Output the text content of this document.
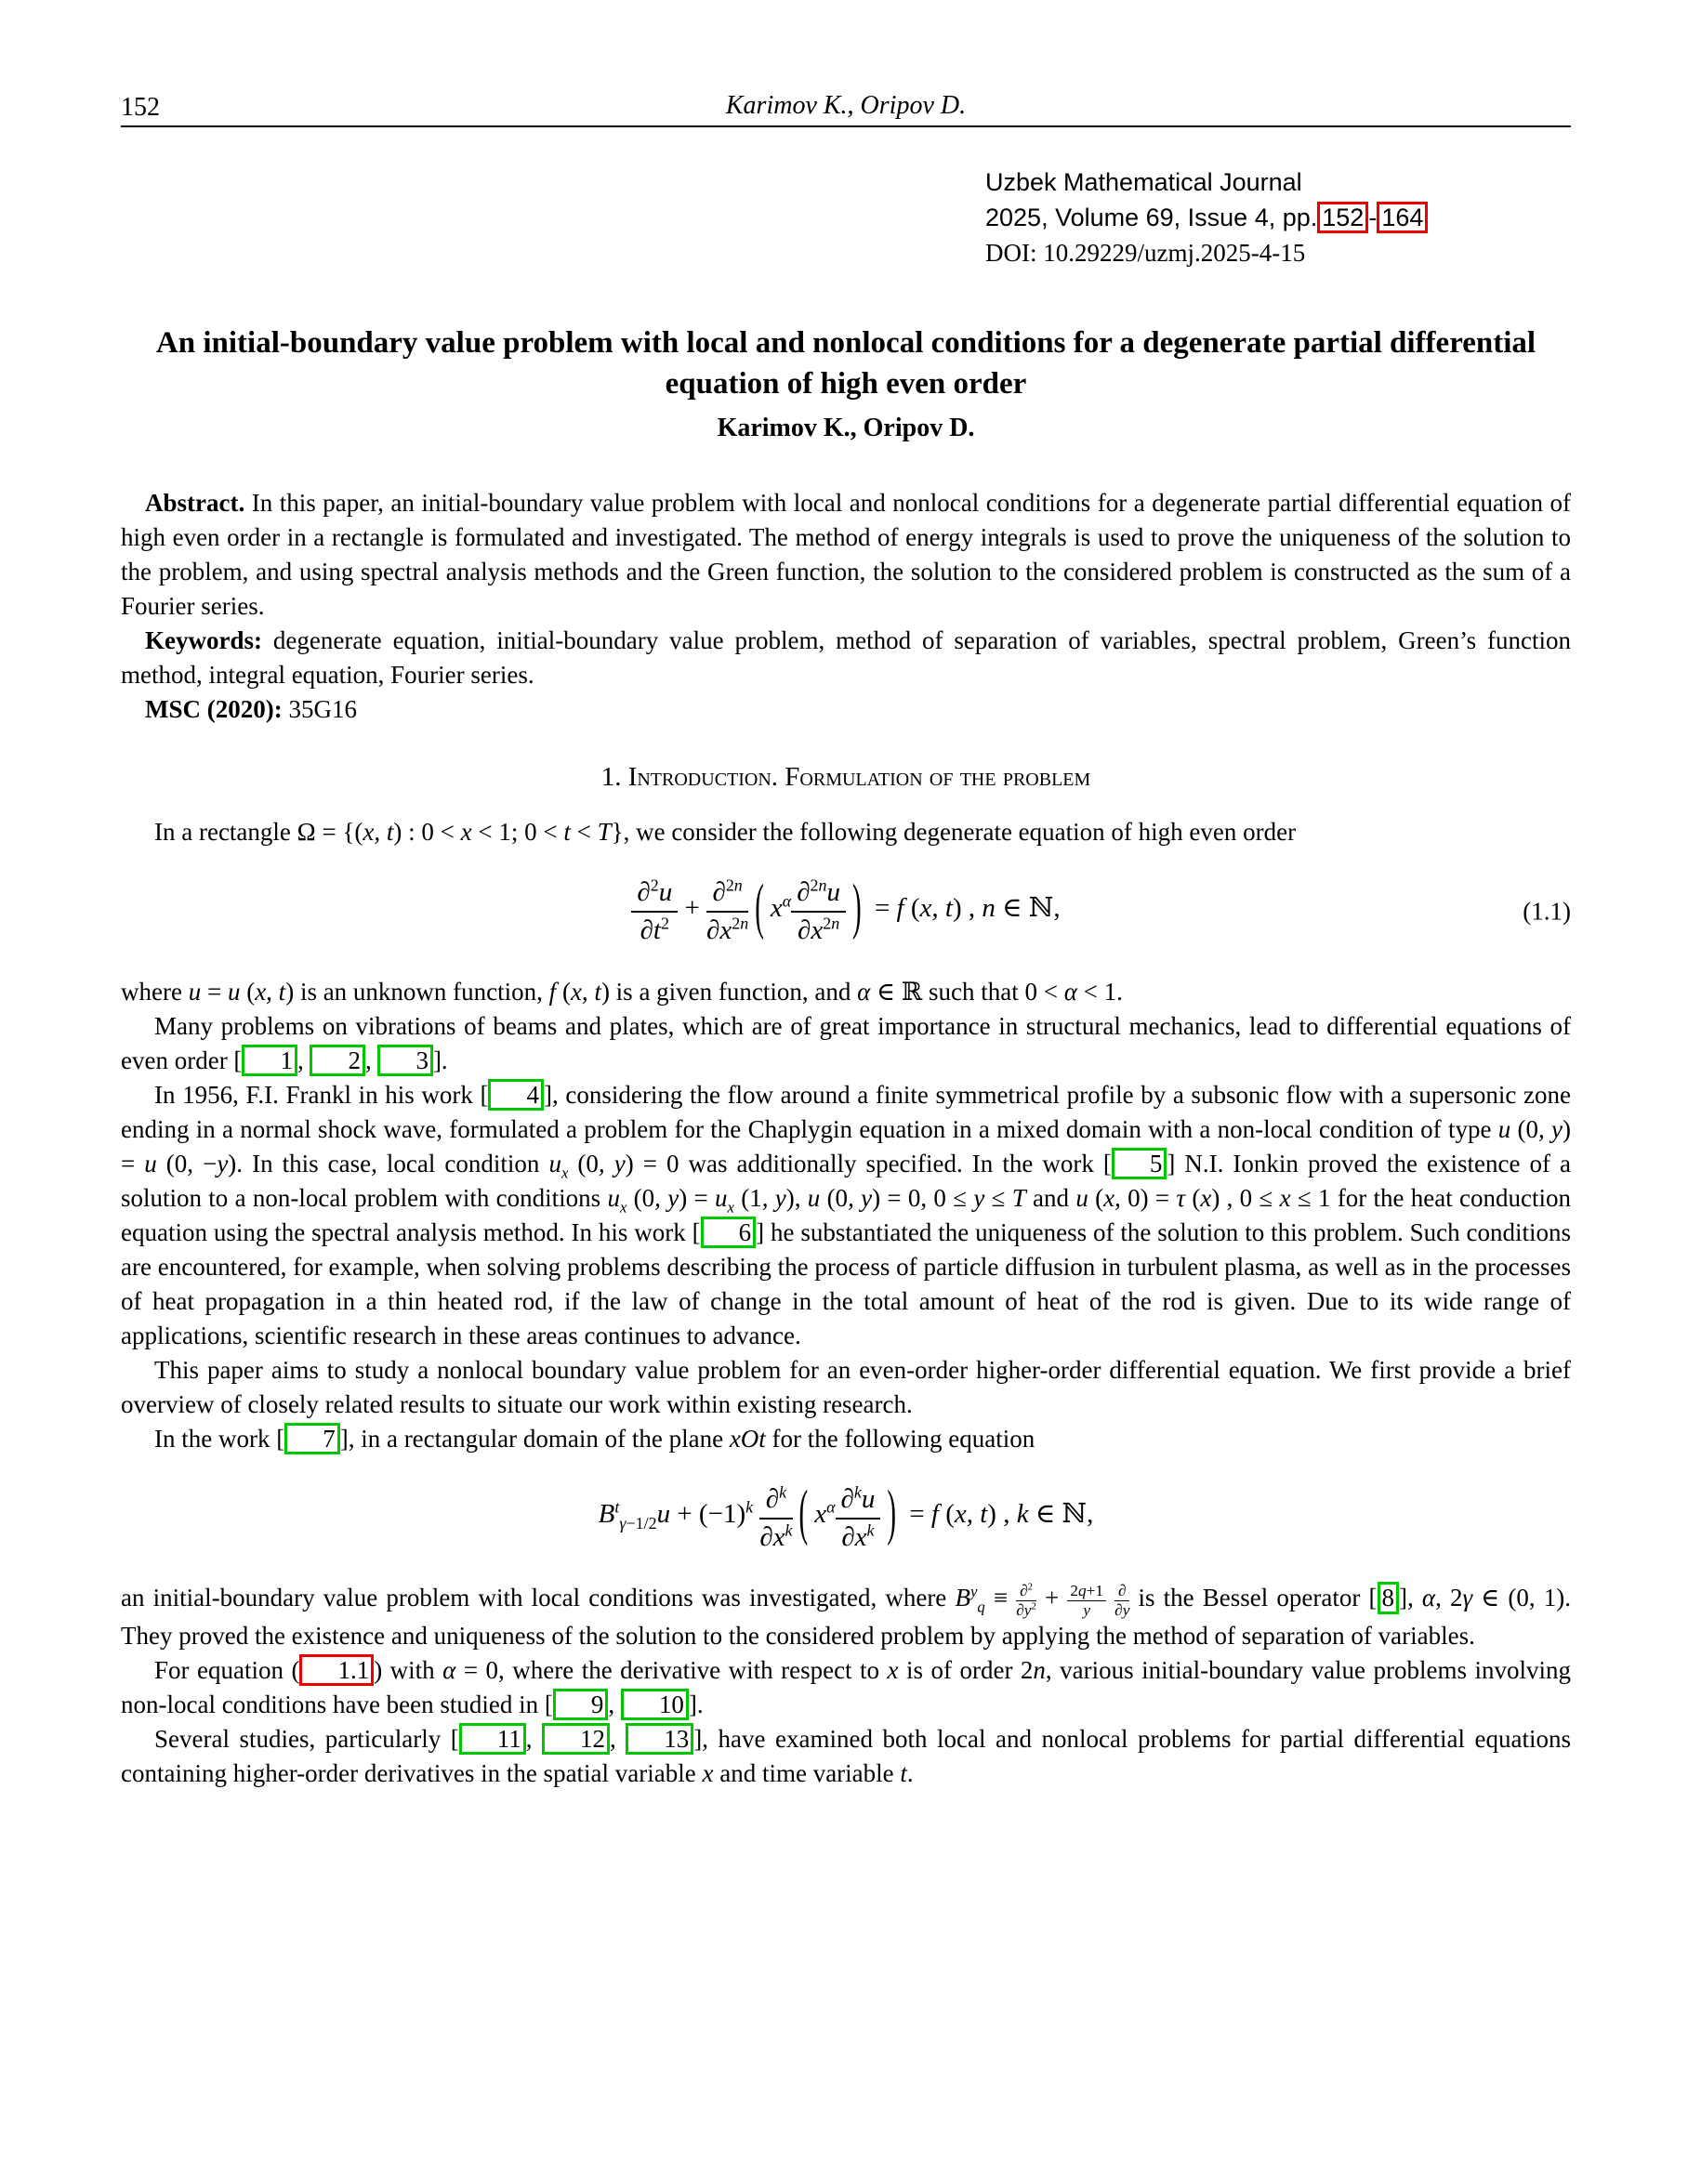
152	Karimov K., Oripov D.
Uzbek Mathematical Journal
2025, Volume 69, Issue 4, pp. 152 - 164
DOI: 10.29229/uzmj.2025-4-15
An initial-boundary value problem with local and nonlocal conditions for a degenerate partial differential equation of high even order
Karimov K., Oripov D.
Abstract. In this paper, an initial-boundary value problem with local and nonlocal conditions for a degenerate partial differential equation of high even order in a rectangle is formulated and investigated. The method of energy integrals is used to prove the uniqueness of the solution to the problem, and using spectral analysis methods and the Green function, the solution to the considered problem is constructed as the sum of a Fourier series.
Keywords: degenerate equation, initial-boundary value problem, method of separation of variables, spectral problem, Green’s function method, integral equation, Fourier series.
MSC (2020): 35G16
1. Introduction. Formulation of the problem
In a rectangle Ω = {(x, t) : 0 < x < 1; 0 < t < T}, we consider the following degenerate equation of high even order
$\frac{\partial^2u}{\partial t^2} + \frac{\partial^{2n}}{\partial x^{2n}}$ ( $x^\alpha \frac{\partial^{2n}u}{\partial x^{2n}}$ ) = f (x, t) , n ∈ ℕ,	(1.1)
where u = u (x, t) is an unknown function, f (x, t) is a given function, and α ∈ ℝ such that 0 < α < 1.
Many problems on vibrations of beams and plates, which are of great importance in structural mechanics, lead to differential equations of even order [ 1 , 2 , 3 ].
In 1956, F.I. Frankl in his work [ 4 ], considering the flow around a finite symmetrical profile by a subsonic flow with a supersonic zone ending in a normal shock wave, formulated a problem for the Chaplygin equation in a mixed domain with a non-local condition of type u (0, y) = u (0, −y). In this case, local condition $u_x$ (0, y) = 0 was additionally specified. In the work [ 5 ] N.I. Ionkin proved the existence of a solution to a non-local problem with conditions $u_x$ (0, $y) = u_x$ (1, y), u (0, y) = 0, 0 ≤ y ≤ T and u (x, 0) = τ (x) , 0 ≤ x ≤ 1 for the heat conduction equation using the spectral analysis method. In his work [ 6 ] he substantiated the uniqueness of the solution to this problem. Such conditions are encountered, for example, when solving problems describing the process of particle diffusion in turbulent plasma, as well as in the processes of heat propagation in a thin heated rod, if the law of change in the total amount of heat of the rod is given. Due to its wide range of applications, scientific research in these areas continues to advance.
This paper aims to study a nonlocal boundary value problem for an even-order higher-order differential equation. We first provide a brief overview of closely related results to situate our work within existing research.
In the work [ 7 ], in a rectangular domain of the plane xOt for the following equation
$B^t_{\gamma-1/2}u + (-1)^k \frac{\partial^k}{\partial x^k}$ ( $x^\alpha \frac{\partial^ku}{\partial x^k}$ ) = f (x, t) , k ∈ ℕ,
an initial-boundary value problem with local conditions was investigated, where $B^y_q \equiv \frac{\partial^2}{\partial y^2} + \frac{2q+1}{y}$
$\frac{\partial}{\partial y}$ is the Bessel operator [ 8 ], α, 2γ ∈ (0, 1). They proved the existence and uniqueness of the solution to the considered problem by applying the method of separation of variables.
For equation ( 1.1 ) with α = 0, where the derivative with respect to x is of order 2n, various initial-boundary value problems involving non-local conditions have been studied in [ 9 , 10 ].
Several studies, particularly [ 11 , 12 , 13 ], have examined both local and nonlocal problems for partial differential equations containing higher-order derivatives in the spatial variable x and time variable t.
